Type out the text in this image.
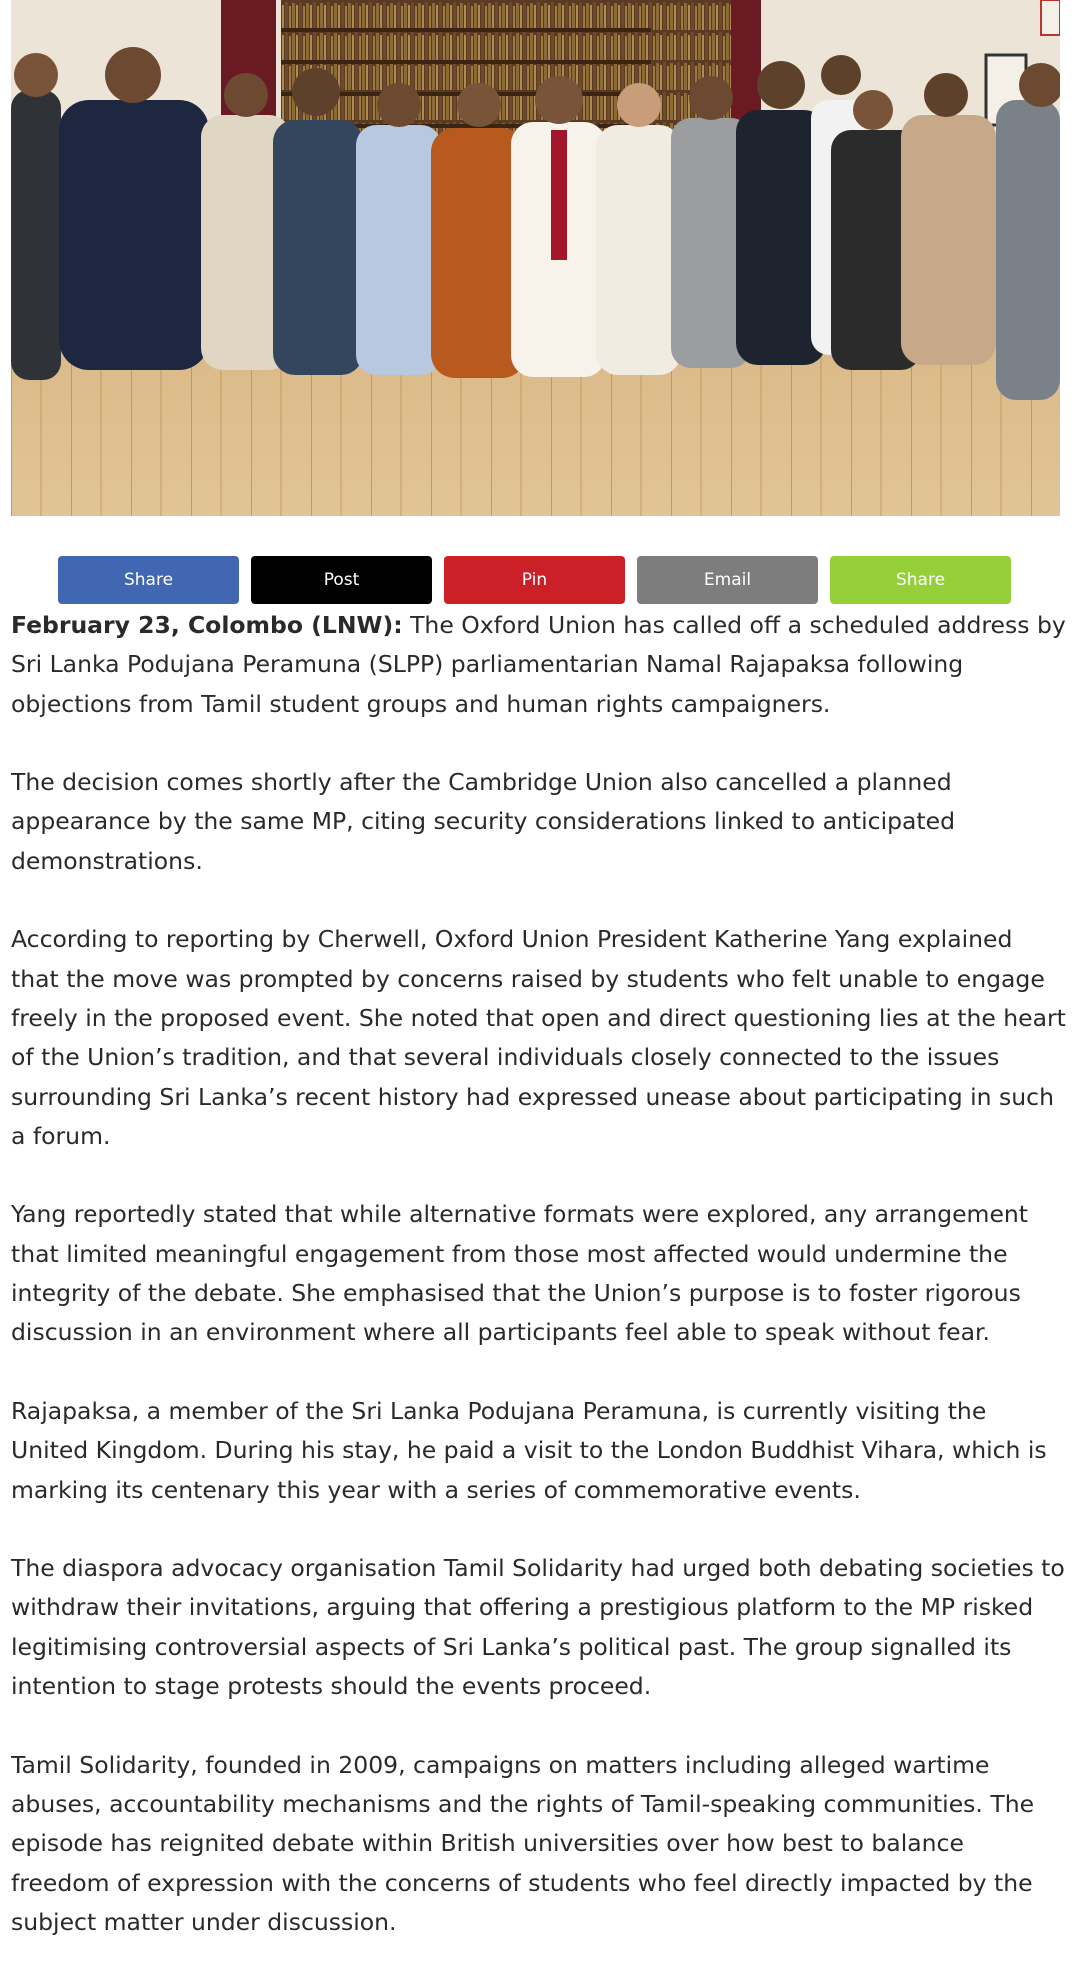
Share	Post	Pin	Email	Share

February 23, Colombo (LNW): The Oxford Union has called off a scheduled address by Sri Lanka Podujana Peramuna (SLPP) parliamentarian Namal Rajapaksa following objections from Tamil student groups and human rights campaigners.

The decision comes shortly after the Cambridge Union also cancelled a planned appearance by the same MP, citing security considerations linked to anticipated demonstrations.

According to reporting by Cherwell, Oxford Union President Katherine Yang explained that the move was prompted by concerns raised by students who felt unable to engage freely in the proposed event. She noted that open and direct questioning lies at the heart of the Union’s tradition, and that several individuals closely connected to the issues surrounding Sri Lanka’s recent history had expressed unease about participating in such a forum.

Yang reportedly stated that while alternative formats were explored, any arrangement that limited meaningful engagement from those most affected would undermine the integrity of the debate. She emphasised that the Union’s purpose is to foster rigorous discussion in an environment where all participants feel able to speak without fear.

Rajapaksa, a member of the Sri Lanka Podujana Peramuna, is currently visiting the United Kingdom. During his stay, he paid a visit to the London Buddhist Vihara, which is marking its centenary this year with a series of commemorative events.

The diaspora advocacy organisation Tamil Solidarity had urged both debating societies to withdraw their invitations, arguing that offering a prestigious platform to the MP risked legitimising controversial aspects of Sri Lanka’s political past. The group signalled its intention to stage protests should the events proceed.

Tamil Solidarity, founded in 2009, campaigns on matters including alleged wartime abuses, accountability mechanisms and the rights of Tamil-speaking communities. The episode has reignited debate within British universities over how best to balance freedom of expression with the concerns of students who feel directly impacted by the subject matter under discussion.
